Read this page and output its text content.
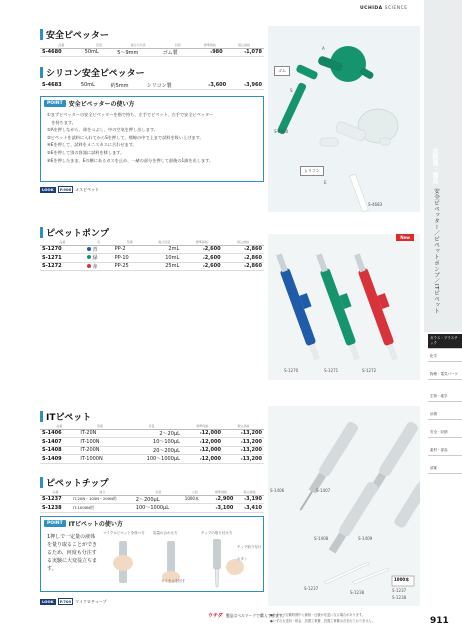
UCHIDA SCIENCE
安全ピペッター
品番	容量	適合口外径	材質	標準価格	税込価格
S-4680	50mL	5〜9mm	ゴム製	¥980	¥1,078
シリコン安全ピペッター
S-4683	50mL	約5mm	シリコン製	¥3,600	¥3,960
POINT	安全ピペッターの使い方
①まずピペッターの安全ピペッターを指で持ち、左手でピペット、右手で安全ピペッター
　を持ちます。
②Aを押しながら、球をつぶし、中の空気を押し出します。
③ピペットを試料に入れてからSを押して、標線の中で上まで試料を吸い上げます。
④Eを押して、試料をメニスカスに合わせます。
⑤Eを押して別の容器に試料を移します。
⑥Eを押したまま、Eの横にあるガスを止め、一緒の部分を押して最後の1滴を出します。
LOOK	P.906	メスピペット
ゴム
シリコン
S-4680
S-4683
A
S
E
ピペットポンプ
品番	色	型番	適合容量	標準価格	税込価格
S-1270	青	PP-2	2mL	¥2,600	¥2,860
S-1271	緑	PP-10	10mL	¥2,600	¥2,860
S-1272	赤	PP-25	25mL	¥2,600	¥2,860
New
S-1270	S-1271	S-1272
ITピペット
品番	型番	容量	標準価格	税込価格
S-1406	IT-20N	2〜20μL	¥12,000	¥13,200
S-1407	IT-100N	10〜100μL	¥12,000	¥13,200
S-1408	IT-200N	20〜200μL	¥12,000	¥13,200
S-1409	IT-1000N	100〜1000μL	¥12,000	¥13,200
ピペットチップ
品番	適合	容量	入数	標準価格	税込価格
S-1237	IT-20N・100N・200N用	2〜200μL	1000本	¥2,900	¥3,190
S-1238	IT-1000N用	100〜1000μL		¥3,100	¥3,410
POINT	ITピペットの使い方
1押しで一定量の液体を量り取ることができるため、何度も分注する実験に大変役立ちます。
マイクロピペットを持つ方 容量の合わせ方	チップの取り付け方
ダイヤルを回す
チップ取り付け
ボタン
LOOK	P.709	マイクロチューブ
S-1406	S-1407
S-1408	S-1409
S-1237
S-1238
1000本
S-1237
S-1238
加熱器・器具
安全ピペッター／ピペットポンプ／ITピペット
ガラス・プラスチック
化学
物理・電気パーツ
生物・地学
計測
安全・収納
素材・部品
試薬
ウチダ 製品はベルマークで購入できます。
●カタログ記載時期中に価格・仕様が変更になる場合があります。
●いずれも送料・税金、設置工事費、設置工事費は含まれておりません。	911
